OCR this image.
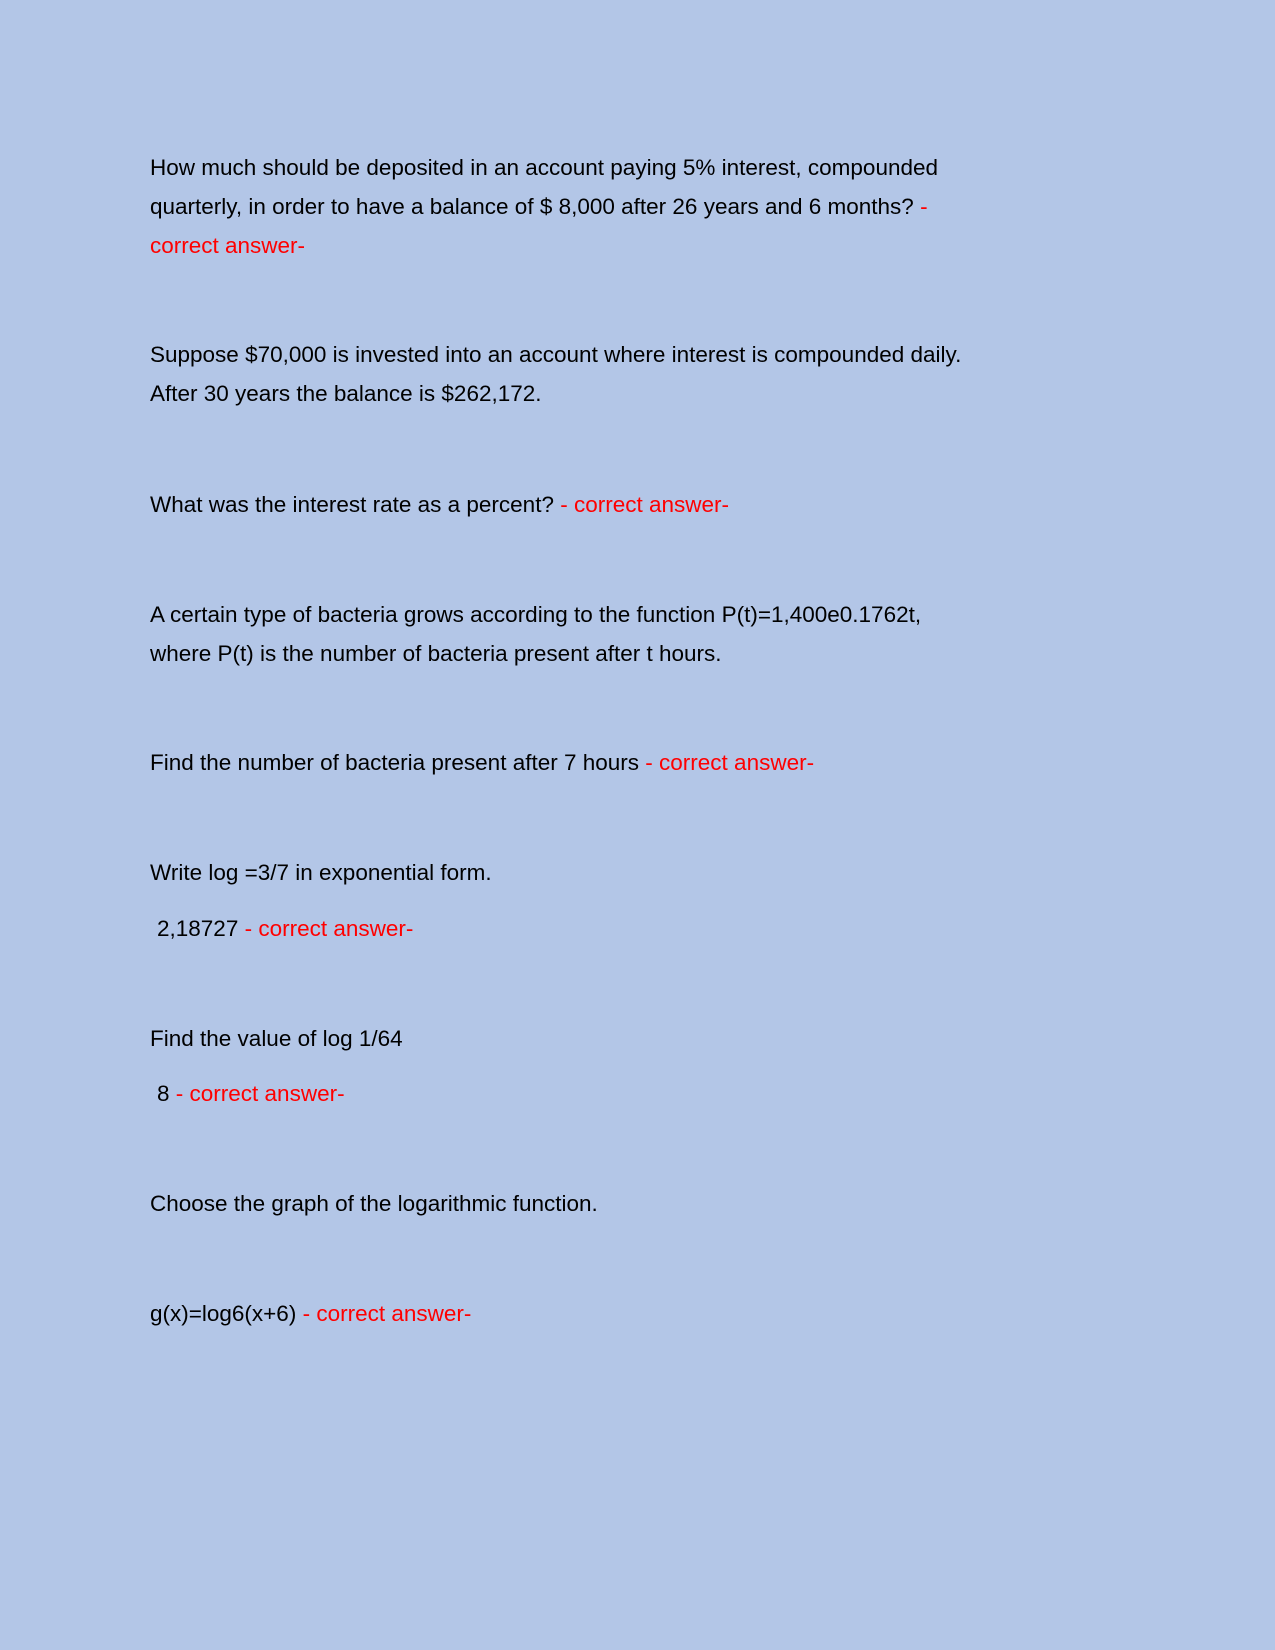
How much should be deposited in an account paying 5% interest, compounded
quarterly, in order to have a balance of $ 8,000 after 26 years and 6 months? -
correct answer-
Suppose $70,000 is invested into an account where interest is compounded daily.
After 30 years the balance is $262,172.
What was the interest rate as a percent? - correct answer-
A certain type of bacteria grows according to the function P(t)=1,400e0.1762t,
where P(t) is the number of bacteria present after t hours.
Find the number of bacteria present after 7 hours - correct answer-
Write log =3/7 in exponential form.
2,18727 - correct answer-
Find the value of log 1/64
8 - correct answer-
Choose the graph of the logarithmic function.
g(x)=log6(x+6) - correct answer-
